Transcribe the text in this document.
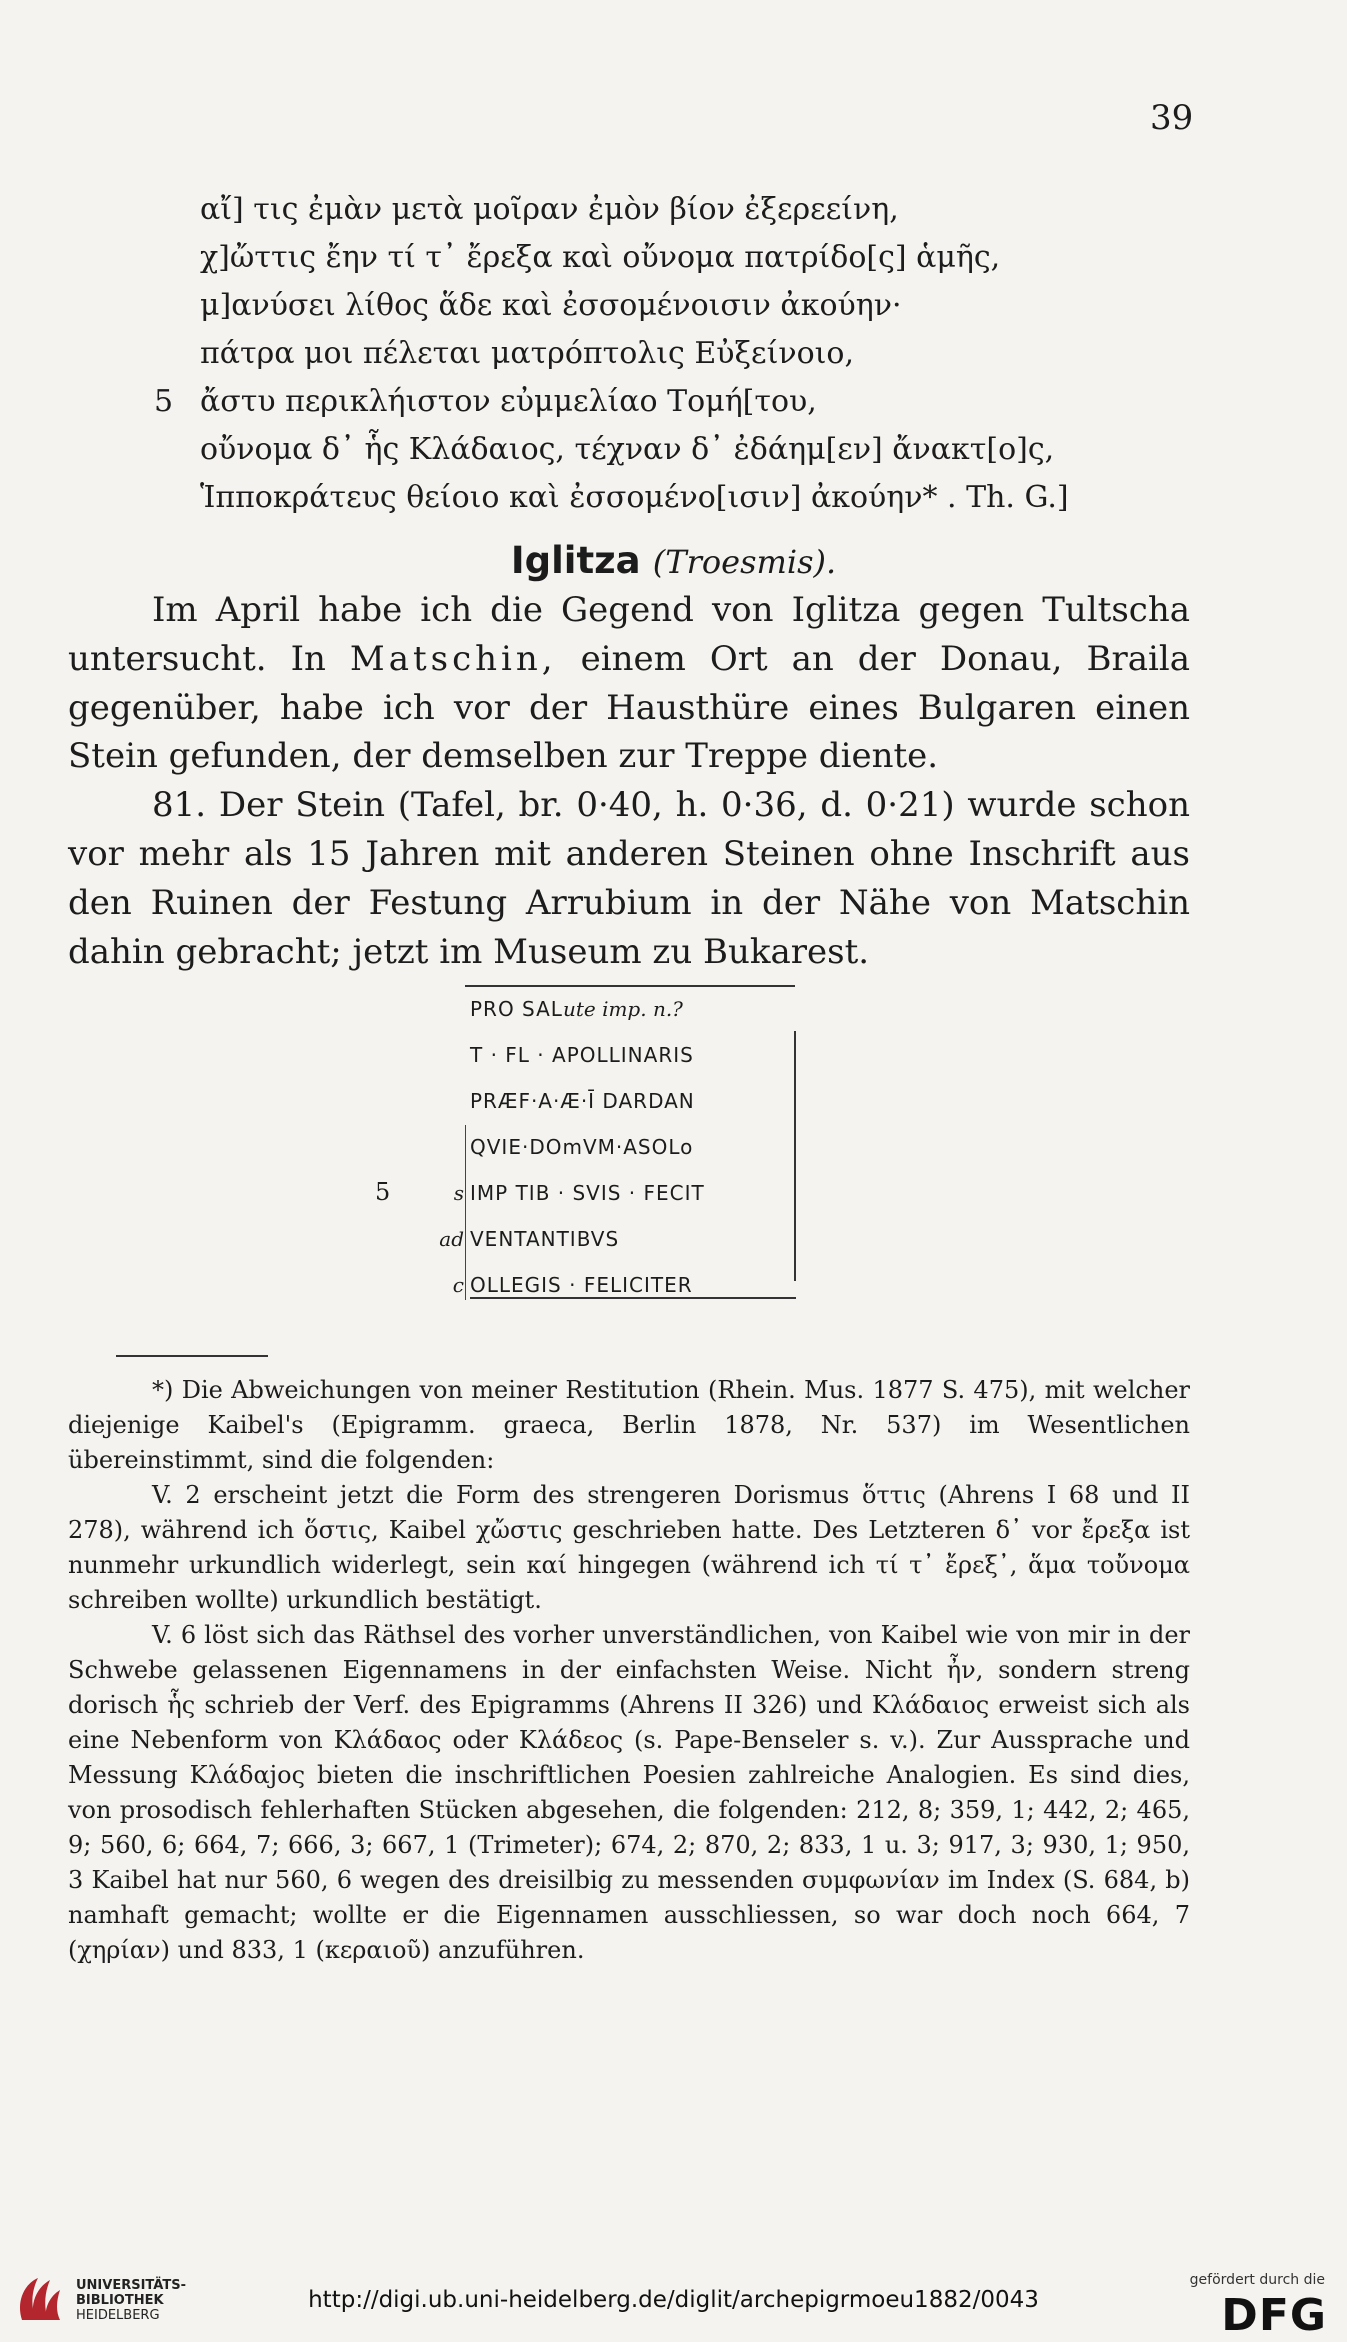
39
αἴ] τις ἐμὰν μετὰ μοῖραν ἐμὸν βίον ἐξερεείνη,
χ]ὤττις ἔην τί τ᾽ ἔρεξα καὶ οὔνομα πατρίδο[ς] ἁμῆς,
μ]ανύσει λίθος ἅδε καὶ ἐσσομένοισιν ἀκούην·
πάτρα μοι πέλεται ματρόπτολις Εὐξείνοιο,
5 ἄστυ περικλήιστον εὐμμελίαο Τομή[του,
οὔνομα δ᾽ ἧς Κλάδαιος, τέχναν δ᾽ ἐδάημ[εν] ἄνακτ[ο]ς,
Ἱπποκράτευς θείοιο καὶ ἐσσομένο[ισιν] ἀκούην* . Th. G.]
Iglitza (Troesmis).

Im April habe ich die Gegend von Iglitza gegen Tultscha untersucht. In Matschin, einem Ort an der Donau, Braila gegenüber, habe ich vor der Hausthüre eines Bulgaren einen Stein gefunden, der demselben zur Treppe diente.

81. Der Stein (Tafel, br. 0·40, h. 0·36, d. 0·21) wurde schon vor mehr als 15 Jahren mit anderen Steinen ohne Inschrift aus den Ruinen der Festung Arrubium in der Nähe von Matschin dahin gebracht; jetzt im Museum zu Bukarest.

PRO SALute imp. n.?
T · FL · APOLLINARIS
PRÆF·A·Æ·Ī DARDAN
QVIE·DOmVM·ASOLo
5	s IMP TIB · SVIS · FECIT
ad VENTANTIBVS
c OLLEGIS · FELICITER

*) Die Abweichungen von meiner Restitution (Rhein. Mus. 1877 S. 475), mit welcher diejenige Kaibel's (Epigramm. graeca, Berlin 1878, Nr. 537) im Wesentlichen übereinstimmt, sind die folgenden:

V. 2 erscheint jetzt die Form des strengeren Dorismus ὅττις (Ahrens I 68 und II 278), während ich ὅστις, Kaibel χὤστις geschrieben hatte. Des Letzteren δ᾽ vor ἔρεξα ist nunmehr urkundlich widerlegt, sein καί hingegen (während ich τί τ᾽ ἔρεξ᾽, ἅμα τοὔνομα schreiben wollte) urkundlich bestätigt.

V. 6 löst sich das Räthsel des vorher unverständlichen, von Kaibel wie von mir in der Schwebe gelassenen Eigennamens in der einfachsten Weise. Nicht ἦν, sondern streng dorisch ἧς schrieb der Verf. des Epigramms (Ahrens II 326) und Κλάδαιος erweist sich als eine Nebenform von Κλάδαος oder Κλάδεος (s. Pape-Benseler s. v.). Zur Aussprache und Messung Κλάδαjος bieten die inschriftlichen Poesien zahlreiche Analogien. Es sind dies, von prosodisch fehlerhaften Stücken abgesehen, die folgenden: 212, 8; 359, 1; 442, 2; 465, 9; 560, 6; 664, 7; 666, 3; 667, 1 (Trimeter); 674, 2; 870, 2; 833, 1 u. 3; 917, 3; 930, 1; 950, 3 Kaibel hat nur 560, 6 wegen des dreisilbig zu messenden συμφωνίαν im Index (S. 684, b) namhaft gemacht; wollte er die Eigennamen ausschliessen, so war doch noch 664, 7 (χηρίαν) und 833, 1 (κεραιοῦ) anzuführen.

UNIVERSITÄTS-
BIBLIOTHEK
HEIDELBERG
http://digi.ub.uni-heidelberg.de/diglit/archepigrmoeu1882/0043
gefördert durch die
DFG
